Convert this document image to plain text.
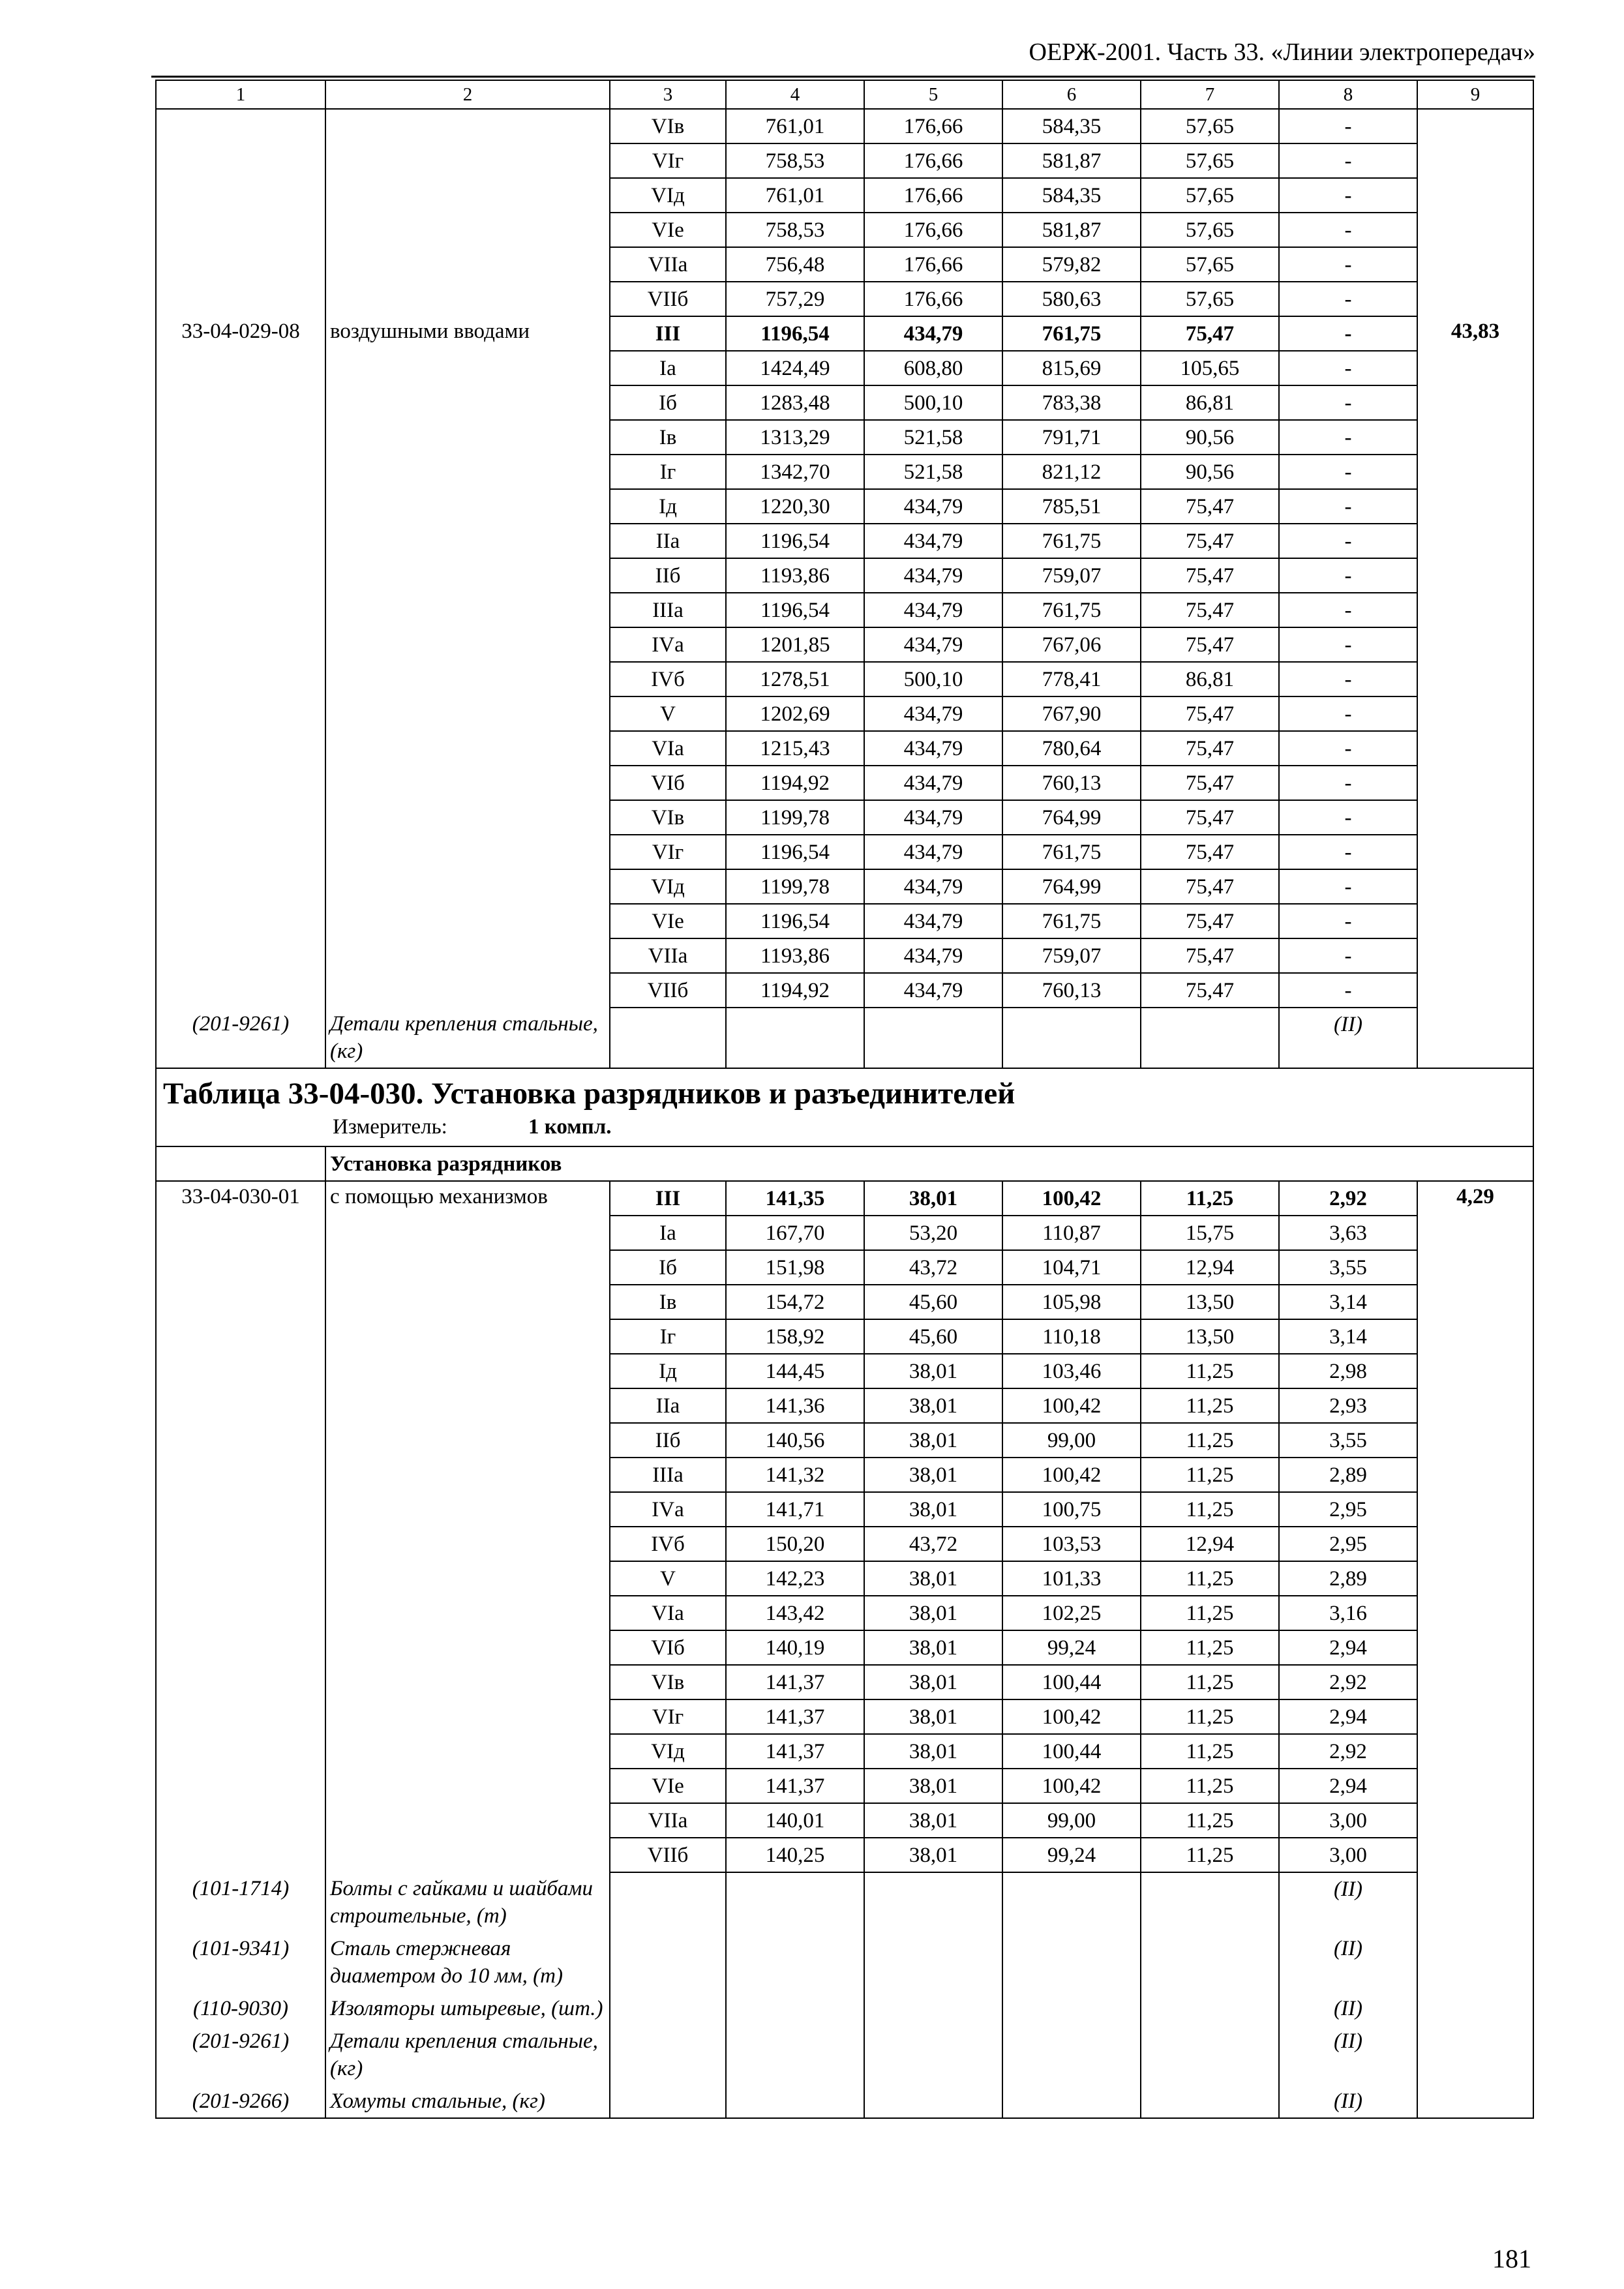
ОЕРЖ-2001. Часть 33. «Линии электропередач»
1	2	3	4	5	6	7	8	9
		VIв	761,01	176,66	584,35	57,65	-	
		VIг	758,53	176,66	581,87	57,65	-	
		VIд	761,01	176,66	584,35	57,65	-	
		VIе	758,53	176,66	581,87	57,65	-	
		VIIа	756,48	176,66	579,82	57,65	-	
		VIIб	757,29	176,66	580,63	57,65	-	
33-04-029-08	воздушными вводами	III	1196,54	434,79	761,75	75,47	-	43,83
		Iа	1424,49	608,80	815,69	105,65	-	
		Iб	1283,48	500,10	783,38	86,81	-	
		Iв	1313,29	521,58	791,71	90,56	-	
		Iг	1342,70	521,58	821,12	90,56	-	
		Iд	1220,30	434,79	785,51	75,47	-	
		IIа	1196,54	434,79	761,75	75,47	-	
		IIб	1193,86	434,79	759,07	75,47	-	
		IIIа	1196,54	434,79	761,75	75,47	-	
		IVа	1201,85	434,79	767,06	75,47	-	
		IVб	1278,51	500,10	778,41	86,81	-	
		V	1202,69	434,79	767,90	75,47	-	
		VIа	1215,43	434,79	780,64	75,47	-	
		VIб	1194,92	434,79	760,13	75,47	-	
		VIв	1199,78	434,79	764,99	75,47	-	
		VIг	1196,54	434,79	761,75	75,47	-	
		VIд	1199,78	434,79	764,99	75,47	-	
		VIе	1196,54	434,79	761,75	75,47	-	
		VIIа	1193,86	434,79	759,07	75,47	-	
		VIIб	1194,92	434,79	760,13	75,47	-	
(201-9261)	Детали крепления стальные, (кг)						(II)	

Таблица 33-04-030. Установка разрядников и разъединителей
Измеритель: 1 компл.								

	Установка разрядников							
33-04-030-01	с помощью механизмов	III	141,35	38,01	100,42	11,25	2,92	4,29
		Iа	167,70	53,20	110,87	15,75	3,63	
		Iб	151,98	43,72	104,71	12,94	3,55	
		Iв	154,72	45,60	105,98	13,50	3,14	
		Iг	158,92	45,60	110,18	13,50	3,14	
		Iд	144,45	38,01	103,46	11,25	2,98	
		IIа	141,36	38,01	100,42	11,25	2,93	
		IIб	140,56	38,01	99,00	11,25	3,55	
		IIIа	141,32	38,01	100,42	11,25	2,89	
		IVа	141,71	38,01	100,75	11,25	2,95	
		IVб	150,20	43,72	103,53	12,94	2,95	
		V	142,23	38,01	101,33	11,25	2,89	
		VIа	143,42	38,01	102,25	11,25	3,16	
		VIб	140,19	38,01	99,24	11,25	2,94	
		VIв	141,37	38,01	100,44	11,25	2,92	
		VIг	141,37	38,01	100,42	11,25	2,94	
		VIд	141,37	38,01	100,44	11,25	2,92	
		VIе	141,37	38,01	100,42	11,25	2,94	
		VIIа	140,01	38,01	99,00	11,25	3,00	
		VIIб	140,25	38,01	99,24	11,25	3,00	
(101-1714)	Болты с гайками и шайбами строительные, (т)						(II)	
(101-9341)	Сталь стержневая диаметром до 10 мм, (т)						(II)	
(110-9030)	Изоляторы штыревые, (шт.)						(II)	
(201-9261)	Детали крепления стальные, (кг)						(II)	
(201-9266)	Хомуты стальные, (кг)						(II)	
181
